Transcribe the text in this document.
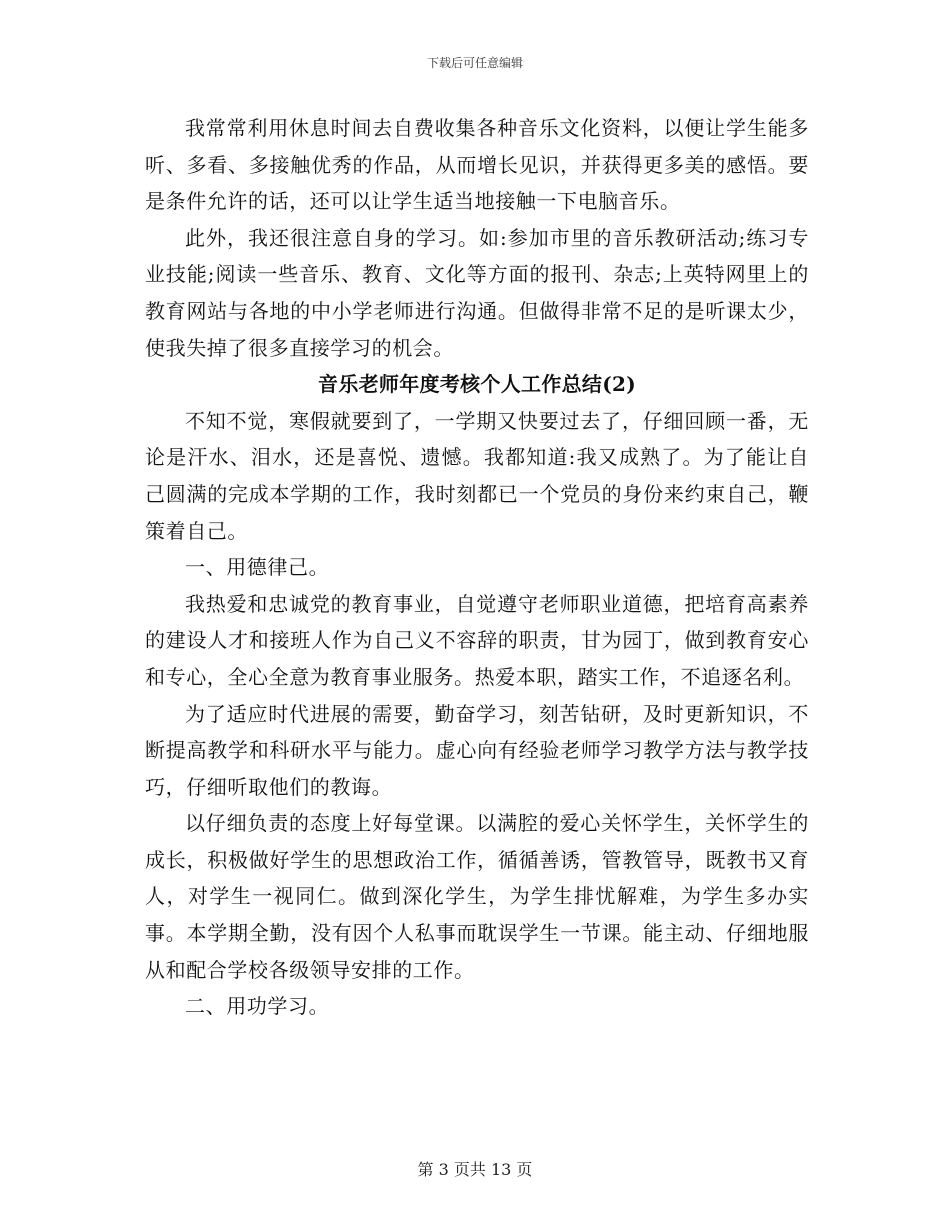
下载后可任意编辑

我常常利用休息时间去自费收集各种音乐文化资料，以便让学生能多听、多看、多接触优秀的作品，从而增长见识，并获得更多美的感悟。要是条件允许的话，还可以让学生适当地接触一下电脑音乐。

此外，我还很注意自身的学习。如:参加市里的音乐教研活动;练习专业技能;阅读一些音乐、教育、文化等方面的报刊、杂志;上英特网里上的教育网站与各地的中小学老师进行沟通。但做得非常不足的是听课太少，使我失掉了很多直接学习的机会。

音乐老师年度考核个人工作总结(2)

不知不觉，寒假就要到了，一学期又快要过去了，仔细回顾一番，无论是汗水、泪水，还是喜悦、遗憾。我都知道:我又成熟了。为了能让自己圆满的完成本学期的工作，我时刻都已一个党员的身份来约束自己，鞭策着自己。

一、用德律己。

我热爱和忠诚党的教育事业，自觉遵守老师职业道德，把培育高素养的建设人才和接班人作为自己义不容辞的职责，甘为园丁，做到教育安心和专心，全心全意为教育事业服务。热爱本职，踏实工作，不追逐名利。

为了适应时代进展的需要，勤奋学习，刻苦钻研，及时更新知识，不断提高教学和科研水平与能力。虚心向有经验老师学习教学方法与教学技巧，仔细听取他们的教诲。

以仔细负责的态度上好每堂课。以满腔的爱心关怀学生，关怀学生的成长，积极做好学生的思想政治工作，循循善诱，管教管导，既教书又育人，对学生一视同仁。做到深化学生，为学生排忧解难，为学生多办实事。本学期全勤，没有因个人私事而耽误学生一节课。能主动、仔细地服从和配合学校各级领导安排的工作。

二、用功学习。

第 3 页共 13 页
